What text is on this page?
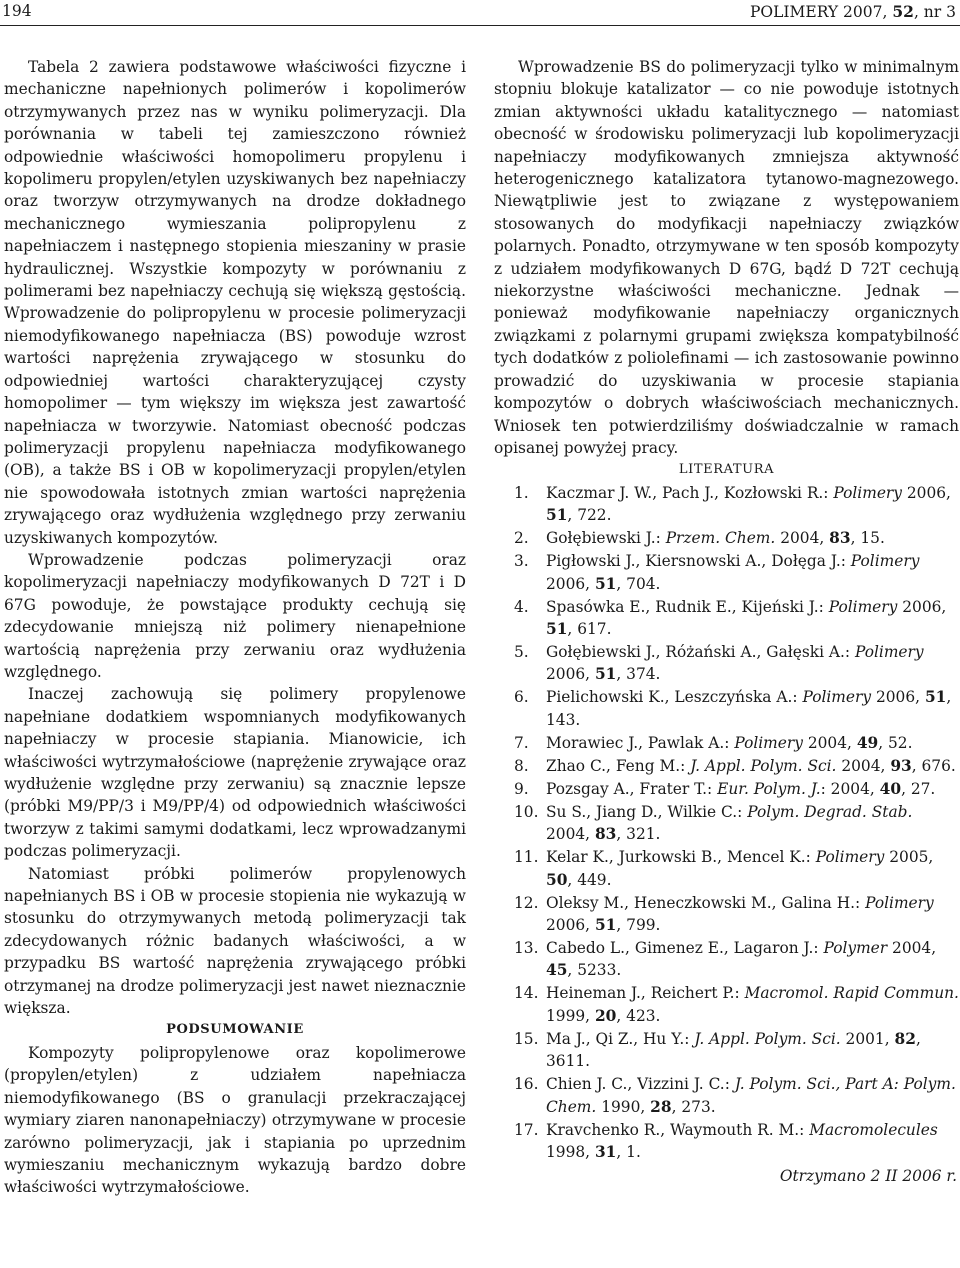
194	POLIMERY 2007, 52, nr 3

Tabela 2 zawiera podstawowe właściwości fizyczne i mechaniczne napełnionych polimerów i kopolimerów otrzymywanych przez nas w wyniku polimeryzacji. Dla porównania w tabeli tej zamieszczono również odpowiednie właściwości homopolimeru propylenu i kopolimeru propylen/etylen uzyskiwanych bez napełniaczy oraz tworzyw otrzymywanych na drodze dokładnego mechanicznego wymieszania polipropylenu z napełniaczem i następnego stopienia mieszaniny w prasie hydraulicznej. Wszystkie kompozyty w porównaniu z polimerami bez napełniaczy cechują się większą gęstością. Wprowadzenie do polipropylenu w procesie polimeryzacji niemodyfikowanego napełniacza (BS) powoduje wzrost wartości naprężenia zrywającego w stosunku do odpowiedniej wartości charakteryzującej czysty homopolimer — tym większy im większa jest zawartość napełniacza w tworzywie. Natomiast obecność podczas polimeryzacji propylenu napełniacza modyfikowanego (OB), a także BS i OB w kopolimeryzacji propylen/etylen nie spowodowała istotnych zmian wartości naprężenia zrywającego oraz wydłużenia względnego przy zerwaniu uzyskiwanych kompozytów.

Wprowadzenie podczas polimeryzacji oraz kopolimeryzacji napełniaczy modyfikowanych D 72T i D 67G powoduje, że powstające produkty cechują się zdecydowanie mniejszą niż polimery nienapełnione wartością naprężenia przy zerwaniu oraz wydłużenia względnego.

Inaczej zachowują się polimery propylenowe napełniane dodatkiem wspomnianych modyfikowanych napełniaczy w procesie stapiania. Mianowicie, ich właściwości wytrzymałościowe (naprężenie zrywające oraz wydłużenie względne przy zerwaniu) są znacznie lepsze (próbki M9/PP/3 i M9/PP/4) od odpowiednich właściwości tworzyw z takimi samymi dodatkami, lecz wprowadzanymi podczas polimeryzacji.

Natomiast próbki polimerów propylenowych napełnianych BS i OB w procesie stopienia nie wykazują w stosunku do otrzymywanych metodą polimeryzacji tak zdecydowanych różnic badanych właściwości, a w przypadku BS wartość naprężenia zrywającego próbki otrzymanej na drodze polimeryzacji jest nawet nieznacznie większa.

PODSUMOWANIE

Kompozyty polipropylenowe oraz kopolimerowe (propylen/etylen) z udziałem napełniacza niemodyfikowanego (BS o granulacji przekraczającej wymiary ziaren nanonapełniaczy) otrzymywane w procesie zarówno polimeryzacji, jak i stapiania po uprzednim wymieszaniu mechanicznym wykazują bardzo dobre właściwości wytrzymałościowe.

Wprowadzenie BS do polimeryzacji tylko w minimalnym stopniu blokuje katalizator — co nie powoduje istotnych zmian aktywności układu katalitycznego — natomiast obecność w środowisku polimeryzacji lub kopolimeryzacji napełniaczy modyfikowanych zmniejsza aktywność heterogenicznego katalizatora tytanowo-magnezowego. Niewątpliwie jest to związane z występowaniem stosowanych do modyfikacji napełniaczy związków polarnych. Ponadto, otrzymywane w ten sposób kompozyty z udziałem modyfikowanych D 67G, bądź D 72T cechują niekorzystne właściwości mechaniczne. Jednak — ponieważ modyfikowanie napełniaczy organicznych związkami z polarnymi grupami zwiększa kompatybilność tych dodatków z poliolefinami — ich zastosowanie powinno prowadzić do uzyskiwania w procesie stapiania kompozytów o dobrych właściwościach mechanicznych. Wniosek ten potwierdziliśmy doświadczalnie w ramach opisanej powyżej pracy.

LITERATURA

1. Kaczmar J. W., Pach J., Kozłowski R.: Polimery 2006, 51, 722.
2. Gołębiewski J.: Przem. Chem. 2004, 83, 15.
3. Pigłowski J., Kiersnowski A., Dołęga J.: Polimery 2006, 51, 704.
4. Spasówka E., Rudnik E., Kijeński J.: Polimery 2006, 51, 617.
5. Gołębiewski J., Różański A., Gałęski A.: Polimery 2006, 51, 374.
6. Pielichowski K., Leszczyńska A.: Polimery 2006, 51, 143.
7. Morawiec J., Pawlak A.: Polimery 2004, 49, 52.
8. Zhao C., Feng M.: J. Appl. Polym. Sci. 2004, 93, 676.
9. Pozsgay A., Frater T.: Eur. Polym. J.: 2004, 40, 27.
10. Su S., Jiang D., Wilkie C.: Polym. Degrad. Stab. 2004, 83, 321.
11. Kelar K., Jurkowski B., Mencel K.: Polimery 2005, 50, 449.
12. Oleksy M., Heneczkowski M., Galina H.: Polimery 2006, 51, 799.
13. Cabedo L., Gimenez E., Lagaron J.: Polymer 2004, 45, 5233.
14. Heineman J., Reichert P.: Macromol. Rapid Commun. 1999, 20, 423.
15. Ma J., Qi Z., Hu Y.: J. Appl. Polym. Sci. 2001, 82, 3611.
16. Chien J. C., Vizzini J. C.: J. Polym. Sci., Part A: Polym. Chem. 1990, 28, 273.
17. Kravchenko R., Waymouth R. M.: Macromolecules 1998, 31, 1.
Otrzymano 2 II 2006 r.
